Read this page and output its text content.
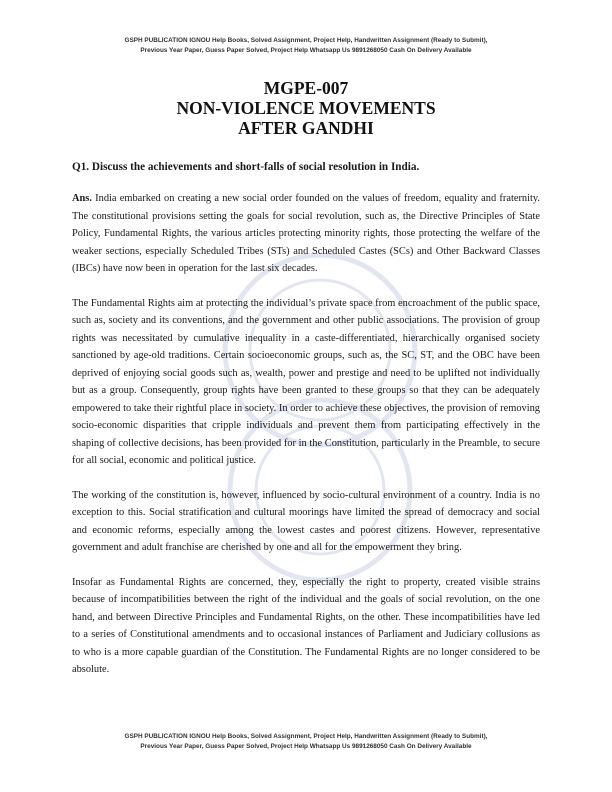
GSPH PUBLICATION IGNOU Help Books, Solved Assignment, Project Help, Handwritten Assignment (Ready to Submit),
Previous Year Paper, Guess Paper Solved, Project Help Whatsapp Us 9891268050 Cash On Delivery Available
MGPE-007
NON-VIOLENCE MOVEMENTS
AFTER GANDHI

Q1. Discuss the achievements and short-falls of social resolution in India.

Ans. India embarked on creating a new social order founded on the values of freedom, equality and fraternity. The constitutional provisions setting the goals for social revolution, such as, the Directive Principles of State Policy, Fundamental Rights, the various articles protecting minority rights, those protecting the welfare of the weaker sections, especially Scheduled Tribes (STs) and Scheduled Castes (SCs) and Other Backward Classes (IBCs) have now been in operation for the last six decades.

The Fundamental Rights aim at protecting the individual’s private space from encroachment of the public space, such as, society and its conventions, and the government and other public associations. The provision of group rights was necessitated by cumulative inequality in a caste-differentiated, hierarchically organised society sanctioned by age-old traditions. Certain socioeconomic groups, such as, the SC, ST, and the OBC have been deprived of enjoying social goods such as, wealth, power and prestige and need to be uplifted not individually but as a group. Consequently, group rights have been granted to these groups so that they can be adequately empowered to take their rightful place in society. In order to achieve these objectives, the provision of removing socio-economic disparities that cripple individuals and prevent them from participating effectively in the shaping of collective decisions, has been provided for in the Constitution, particularly in the Preamble, to secure for all social, economic and political justice.

The working of the constitution is, however, influenced by socio-cultural environment of a country. India is no exception to this. Social stratification and cultural moorings have limited the spread of democracy and social and economic reforms, especially among the lowest castes and poorest citizens. However, representative government and adult franchise are cherished by one and all for the empowerment they bring.

Insofar as Fundamental Rights are concerned, they, especially the right to property, created visible strains because of incompatibilities between the right of the individual and the goals of social revolution, on the one hand, and between Directive Principles and Fundamental Rights, on the other. These incompatibilities have led to a series of Constitutional amendments and to occasional instances of Parliament and Judiciary collusions as to who is a more capable guardian of the Constitution. The Fundamental Rights are no longer considered to be absolute.

GSPH PUBLICATION IGNOU Help Books, Solved Assignment, Project Help, Handwritten Assignment (Ready to Submit),
Previous Year Paper, Guess Paper Solved, Project Help Whatsapp Us 9891268050 Cash On Delivery Available
